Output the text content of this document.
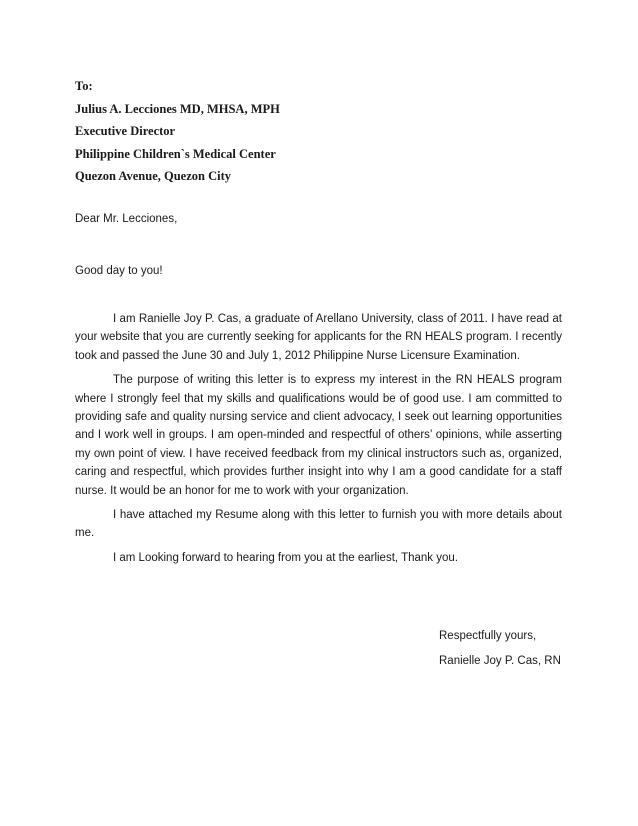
To:
Julius A. Lecciones MD, MHSA, MPH
Executive Director
Philippine Children`s Medical Center
Quezon Avenue, Quezon City
Dear Mr. Lecciones,
Good day to you!

I am Ranielle Joy P. Cas, a graduate of Arellano University, class of 2011. I have read at your website that you are currently seeking for applicants for the RN HEALS program. I recently took and passed the June 30 and July 1, 2012 Philippine Nurse Licensure Examination.

The purpose of writing this letter is to express my interest in the RN HEALS program where I strongly feel that my skills and qualifications would be of good use. I am committed to providing safe and quality nursing service and client advocacy, I seek out learning opportunities and I work well in groups. I am open-minded and respectful of others’ opinions, while asserting my own point of view. I have received feedback from my clinical instructors such as, organized, caring and respectful, which provides further insight into why I am a good candidate for a staff nurse. It would be an honor for me to work with your organization.

I have attached my Resume along with this letter to furnish you with more details about me.

I am Looking forward to hearing from you at the earliest, Thank you.

Respectfully yours,
Ranielle Joy P. Cas, RN
